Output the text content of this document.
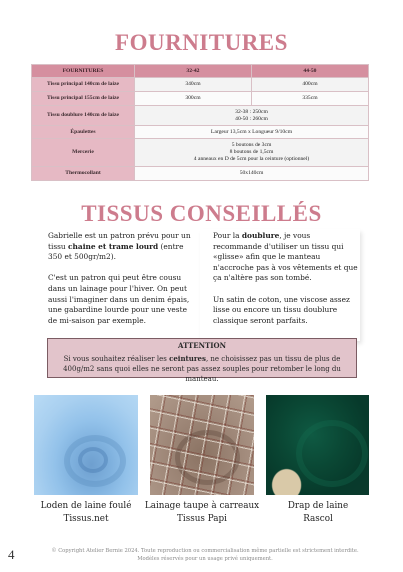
FOURNITURES
FOURNITURES	32-42	44-50
Tissu principal 140cm de laize	340cm	400cm
Tissu principal 155cm de laize	300cm	335cm
Tissu doublure 140cm de laize	32-38 : 250cm
40-50 : 260cm	

Épaulettes	Largeur 13,5cm x Longueur 9/10cm	
Mercerie	5 boutons de 3cm
8 boutons de 1,5cm
4 anneaux en D de 5cm pour la ceinture (optionnel)	

Thermocollant	50x140cm	
TISSUS CONSEILLÉS

Gabrielle est un patron prévu pour un tissu chaine et trame lourd (entre 350 et 500gr/m2).

C'est un patron qui peut être cousu dans un lainage pour l'hiver. On peut aussi l'imaginer dans un denim épais, une gabardine lourde pour une veste de mi-saison par exemple.

Pour la doublure, je vous recommande d'utiliser un tissu qui «glisse» afin que le manteau n'accroche pas à vos vêtements et que ça n'altère pas son tombé.

Un satin de coton, une viscose assez lisse ou encore un tissu doublure classique seront parfaits.

ATTENTION
Si vous souhaitez réaliser les ceintures, ne choisissez pas un tissu de plus de 400g/m2 sans quoi elles ne seront pas assez souples pour retomber le long du manteau.
Loden de laine foulé
Tissus.net
Lainage taupe à carreaux
Tissus Papi
Drap de laine
Rascol
4	© Copyright Atelier Bernie 2024. Toute reproduction ou commercialisation même partielle est strictement interdite.
Modèles réservés pour un usage privé uniquement.
